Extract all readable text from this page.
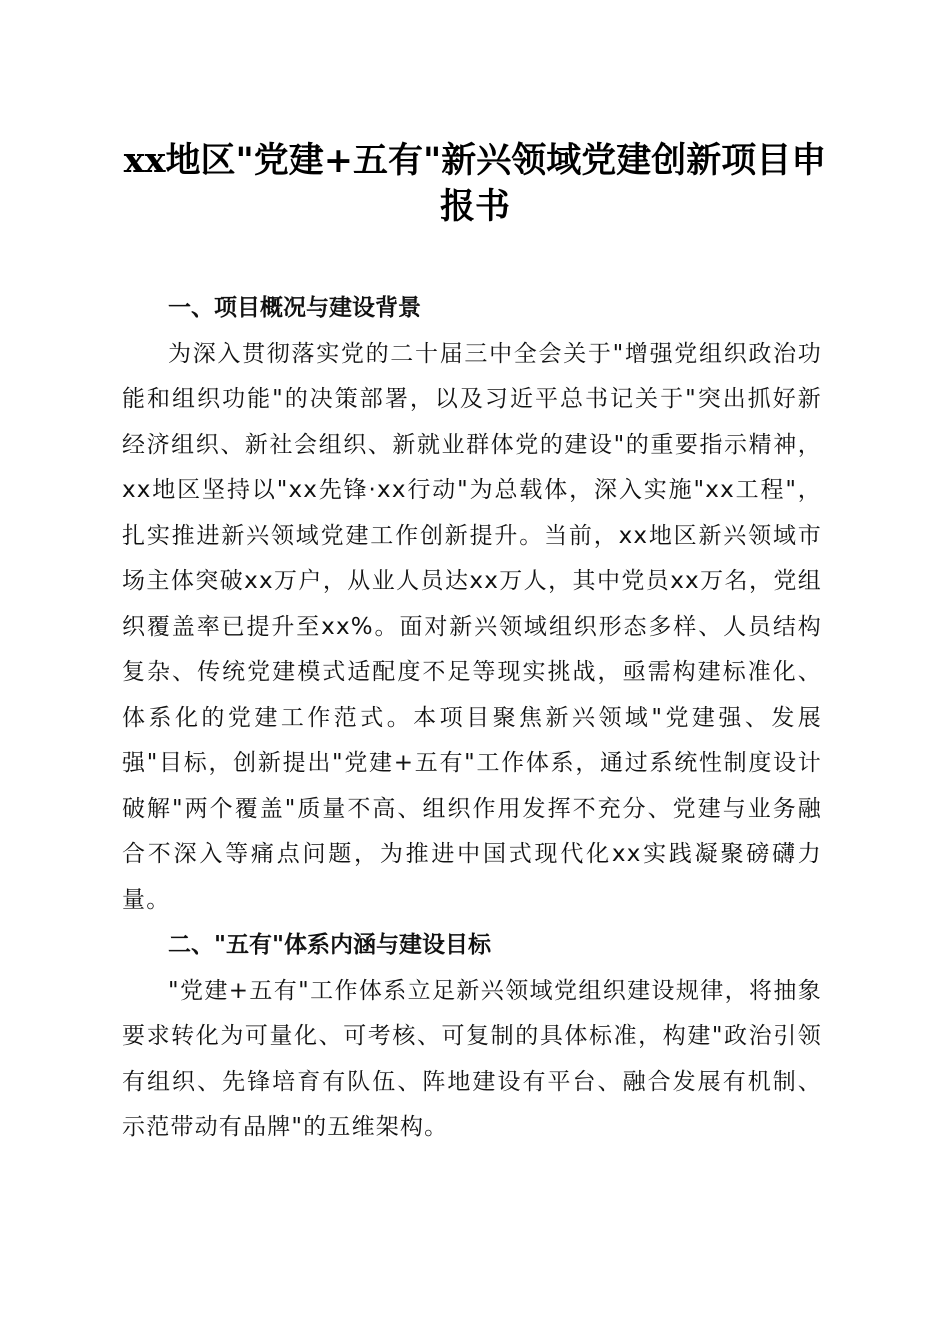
xx地区"党建+五有"新兴领域党建创新项目申
报书

一、项目概况与建设背景

为深入贯彻落实党的二十届三中全会关于"增强党组织政治功能和组织功能"的决策部署，以及习近平总书记关于"突出抓好新经济组织、新社会组织、新就业群体党的建设"的重要指示精神，xx地区坚持以"xx先锋·xx行动"为总载体，深入实施"xx工程"，扎实推进新兴领域党建工作创新提升。当前，xx地区新兴领域市场主体突破xx万户，从业人员达xx万人，其中党员xx万名，党组织覆盖率已提升至xx%。面对新兴领域组织形态多样、人员结构复杂、传统党建模式适配度不足等现实挑战，亟需构建标准化、体系化的党建工作范式。本项目聚焦新兴领域"党建强、发展强"目标，创新提出"党建+五有"工作体系，通过系统性制度设计破解"两个覆盖"质量不高、组织作用发挥不充分、党建与业务融合不深入等痛点问题，为推进中国式现代化xx实践凝聚磅礴力量。

二、"五有"体系内涵与建设目标

"党建+五有"工作体系立足新兴领域党组织建设规律，将抽象要求转化为可量化、可考核、可复制的具体标准，构建"政治引领有组织、先锋培育有队伍、阵地建设有平台、融合发展有机制、示范带动有品牌"的五维架构。
